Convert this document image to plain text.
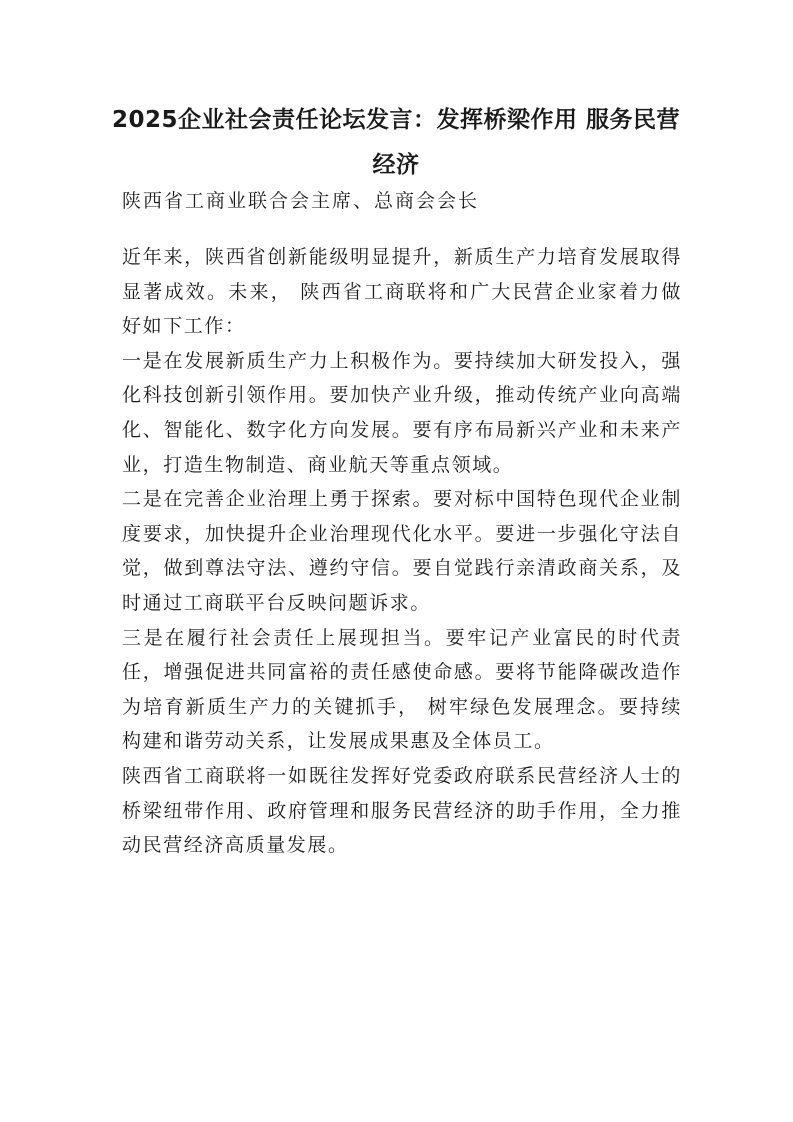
2025企业社会责任论坛发言：发挥桥梁作用 服务民营经济

陕西省工商业联合会主席、总商会会长

近年来，陕西省创新能级明显提升，新质生产力培育发展取得显著成效。未来， 陕西省工商联将和广大民营企业家着力做好如下工作：

一是在发展新质生产力上积极作为。要持续加大研发投入，强化科技创新引领作用。要加快产业升级，推动传统产业向高端化、智能化、数字化方向发展。要有序布局新兴产业和未来产业，打造生物制造、商业航天等重点领域。

二是在完善企业治理上勇于探索。要对标中国特色现代企业制度要求，加快提升企业治理现代化水平。要进一步强化守法自觉，做到尊法守法、遵约守信。要自觉践行亲清政商关系，及时通过工商联平台反映问题诉求。

三是在履行社会责任上展现担当。要牢记产业富民的时代责任，增强促进共同富裕的责任感使命感。要将节能降碳改造作为培育新质生产力的关键抓手， 树牢绿色发展理念。要持续构建和谐劳动关系，让发展成果惠及全体员工。

陕西省工商联将一如既往发挥好党委政府联系民营经济人士的桥梁纽带作用、政府管理和服务民营经济的助手作用，全力推动民营经济高质量发展。
